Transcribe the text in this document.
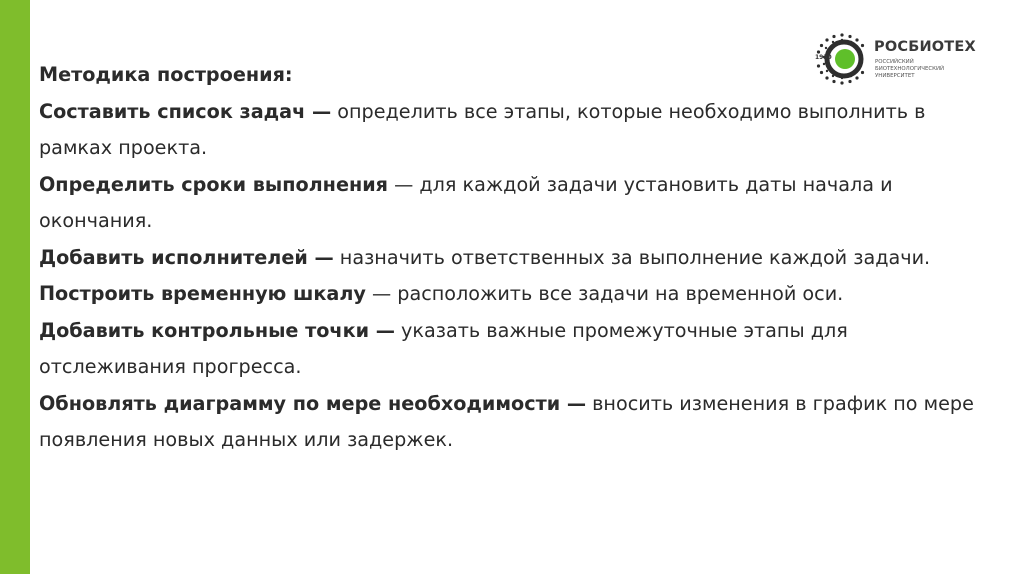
1930
РОСБИОТЕХ
РОССИЙСКИЙ
БИОТЕХНОЛОГИЧЕСКИЙ
УНИВЕРСИТЕТ

Методика построения:

Составить список задач — определить все этапы, которые необходимо выполнить в рамках проекта.

Определить сроки выполнения — для каждой задачи установить даты начала и окончания.

Добавить исполнителей — назначить ответственных за выполнение каждой задачи.

Построить временную шкалу — расположить все задачи на временной оси.

Добавить контрольные точки — указать важные промежуточные этапы для отслеживания прогресса.

Обновлять диаграмму по мере необходимости — вносить изменения в график по мере появления новых данных или задержек.
